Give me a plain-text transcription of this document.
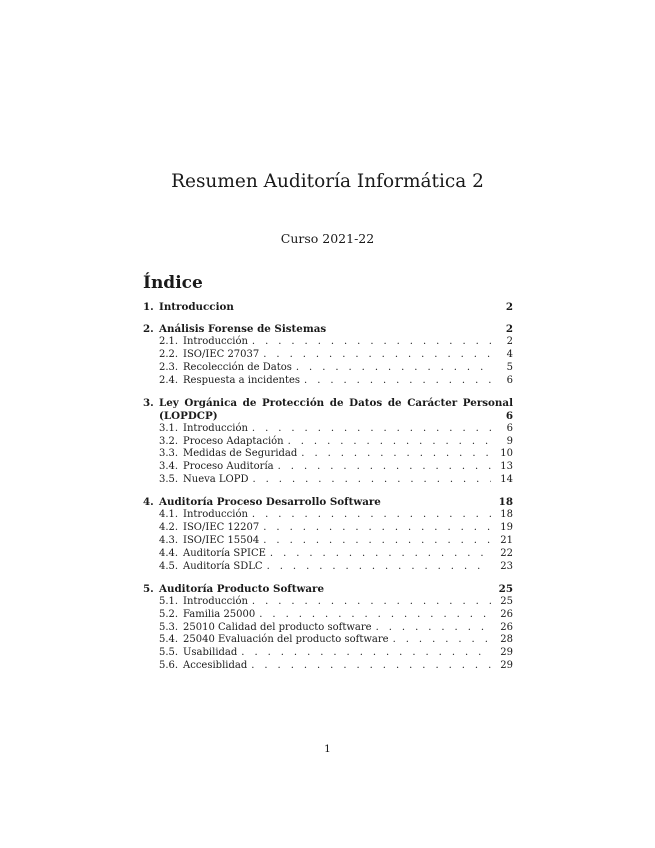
Resumen Auditoría Informática 2
Curso 2021-22
Índice
1. Introduccion	2
2. Análisis Forense de Sistemas	2
2.1. Introducción . . .	2
2.2. ISO/IEC 27037 . . .	4
2.3. Recolección de Datos . . .	5
2.4. Respuesta a incidentes . . .	6
3. Ley Orgánica de Protección de Datos de Carácter Personal
(LOPDCP)	6
3.1. Introducción . . .	6
3.2. Proceso Adaptación . . .	9
3.3. Medidas de Seguridad . . .	10
3.4. Proceso Auditoría . . .	13
3.5. Nueva LOPD . . .	14
4. Auditoría Proceso Desarrollo Software	18
4.1. Introducción . . .	18
4.2. ISO/IEC 12207 . . .	19
4.3. ISO/IEC 15504 . . .	21
4.4. Auditoría SPICE . . .	22
4.5. Auditoría SDLC . . .	23
5. Auditoría Producto Software	25
5.1. Introducción . . .	25
5.2. Familia 25000 . . .	26
5.3. 25010 Calidad del producto software . . .	26
5.4. 25040 Evaluación del producto software . . .	28
5.5. Usabilidad . . .	29
5.6. Accesiblidad . . .	29
1
